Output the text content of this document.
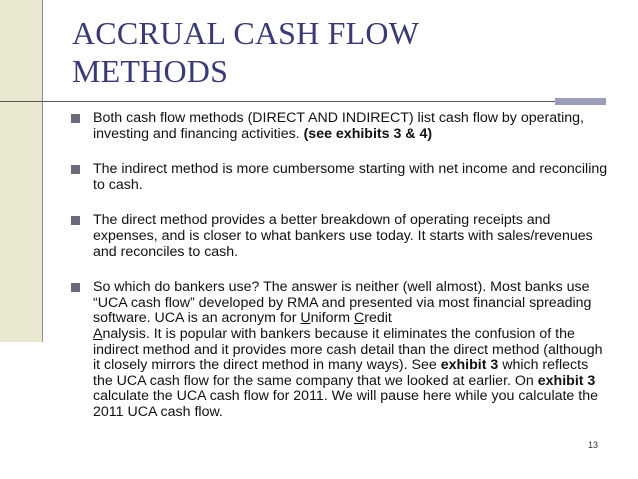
ACCRUAL CASH FLOW
METHODS
Both cash flow methods (DIRECT AND INDIRECT) list cash flow by operating, investing and financing activities. (see exhibits 3 & 4)
The indirect method is more cumbersome starting with net income and reconciling to cash.
The direct method provides a better breakdown of operating receipts and expenses, and is closer to what bankers use today. It starts with sales/revenues and reconciles to cash.
So which do bankers use? The answer is neither (well almost). Most banks use “UCA cash flow” developed by RMA and presented via most financial spreading software. UCA is an acronym for Uniform Credit
Analysis. It is popular with bankers because it eliminates the confusion of the indirect method and it provides more cash detail than the direct method (although it closely mirrors the direct method in many ways). See exhibit 3 which reflects the UCA cash flow for the same company that we looked at earlier. On exhibit 3 calculate the UCA cash flow for 2011. We will pause here while you calculate the 2011 UCA cash flow.
13
